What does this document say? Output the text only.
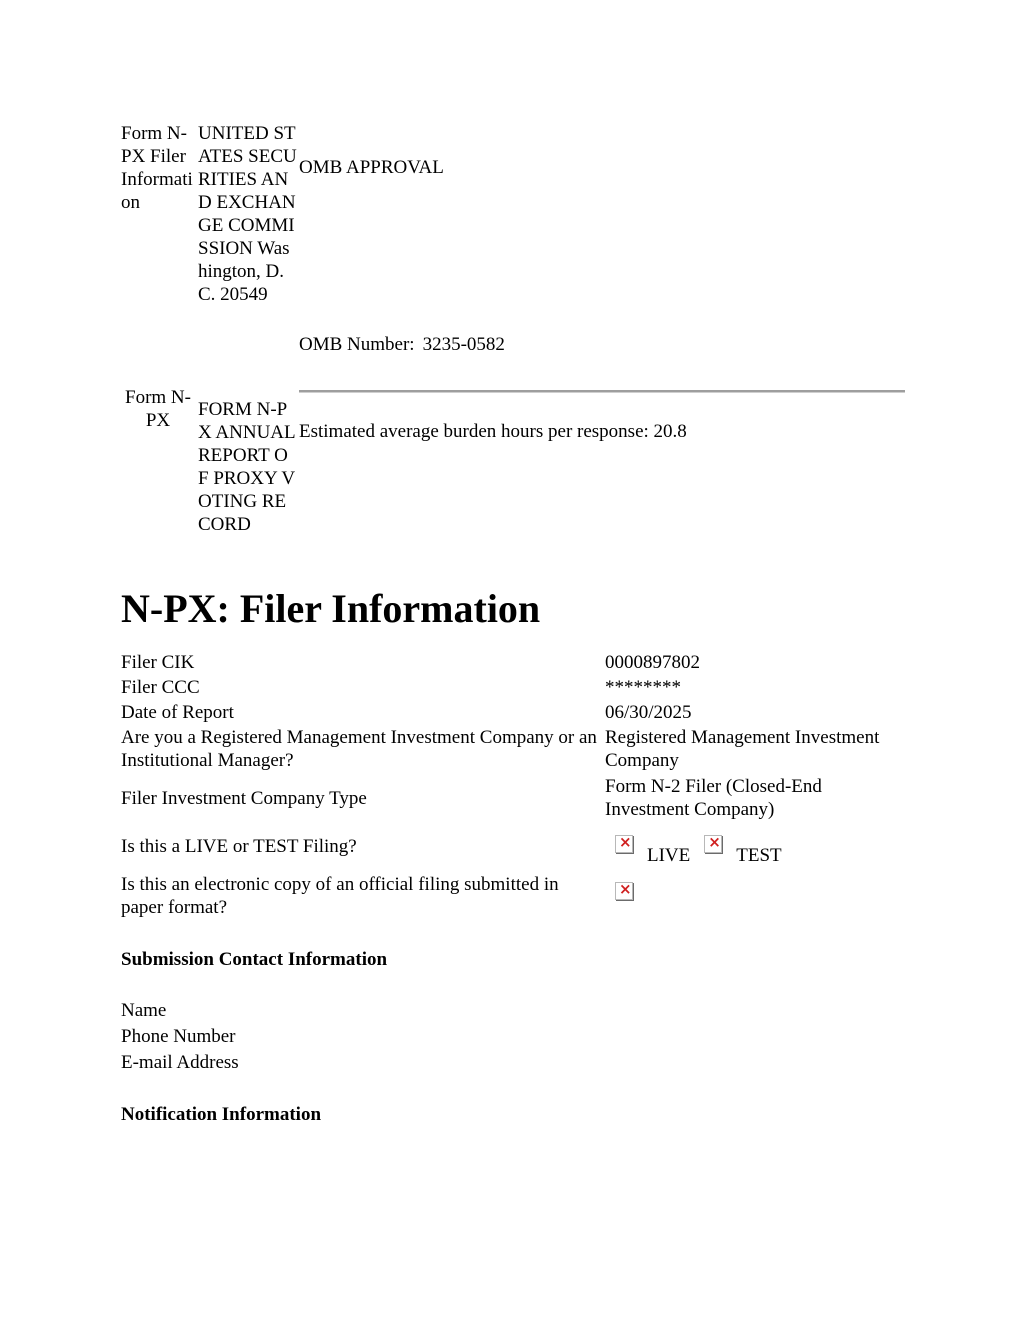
Form N-PX Filer Information
UNITED STATES SECURITIES AND EXCHANGE COMMISSION Washington, D.C. 20549
OMB APPROVAL
OMB Number: 3235-0582
Form N-PX
FORM N-PX ANNUAL REPORT OF PROXY VOTING RECORD
Estimated average burden hours per response: 20.8
N-PX: Filer Information
Filer CIK	0000897802
Filer CCC	********
Date of Report	06/30/2025
Are you a Registered Management Investment Company or an Institutional Manager?	Registered Management Investment Company
Filer Investment Company Type	Form N-2 Filer (Closed-End Investment Company)
Is this a LIVE or TEST Filing?	×LIVE× TEST
Is this an electronic copy of an official filing submitted in paper format?	×
Submission Contact Information
Name
Phone Number
E-mail Address
Notification Information
